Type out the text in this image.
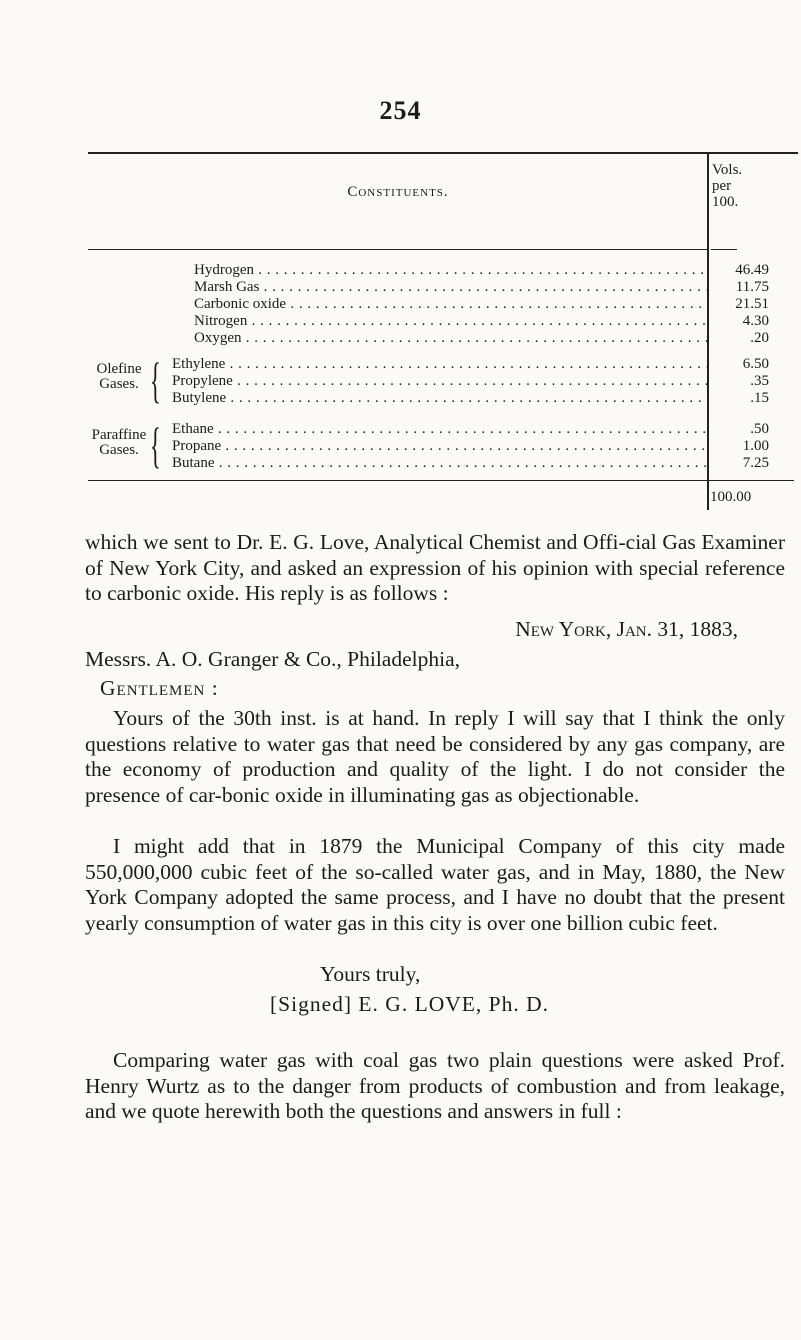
254
Constituents.
Vols.
per
100.
Hydrogen . . .	46.49
Marsh Gas . . .	11.75
Carbonic oxide . . .	21.51
Nitrogen . . .	4.30
Oxygen . . .	.20
Olefine
Gases. { Ethylene . . .	6.50
Propylene . . .	.35
Butylene . . .	.15
Paraffine
Gases. { Ethane . . .	.50
Propane . . .	1.00
Butane . . .	7.25
100.00
which we sent to Dr. E. G. Love, Analytical Chemist and Offi-cial Gas Examiner of New York City, and asked an expression of his opinion with special reference to carbonic oxide. His reply is as follows :
New York, Jan. 31, 1883,
Messrs. A. O. Granger & Co., Philadelphia,
Gentlemen :
Yours of the 30th inst. is at hand. In reply I will say that I think the only questions relative to water gas that need be considered by any gas company, are the economy of production and quality of the light. I do not consider the presence of car-bonic oxide in illuminating gas as objectionable.
I might add that in 1879 the Municipal Company of this city made 550,000,000 cubic feet of the so-called water gas, and in May, 1880, the New York Company adopted the same process, and I have no doubt that the present yearly consumption of water gas in this city is over one billion cubic feet.
Yours truly,
[Signed] E. G. LOVE, Ph. D.
Comparing water gas with coal gas two plain questions were asked Prof. Henry Wurtz as to the danger from products of combustion and from leakage, and we quote herewith both the questions and answers in full :
